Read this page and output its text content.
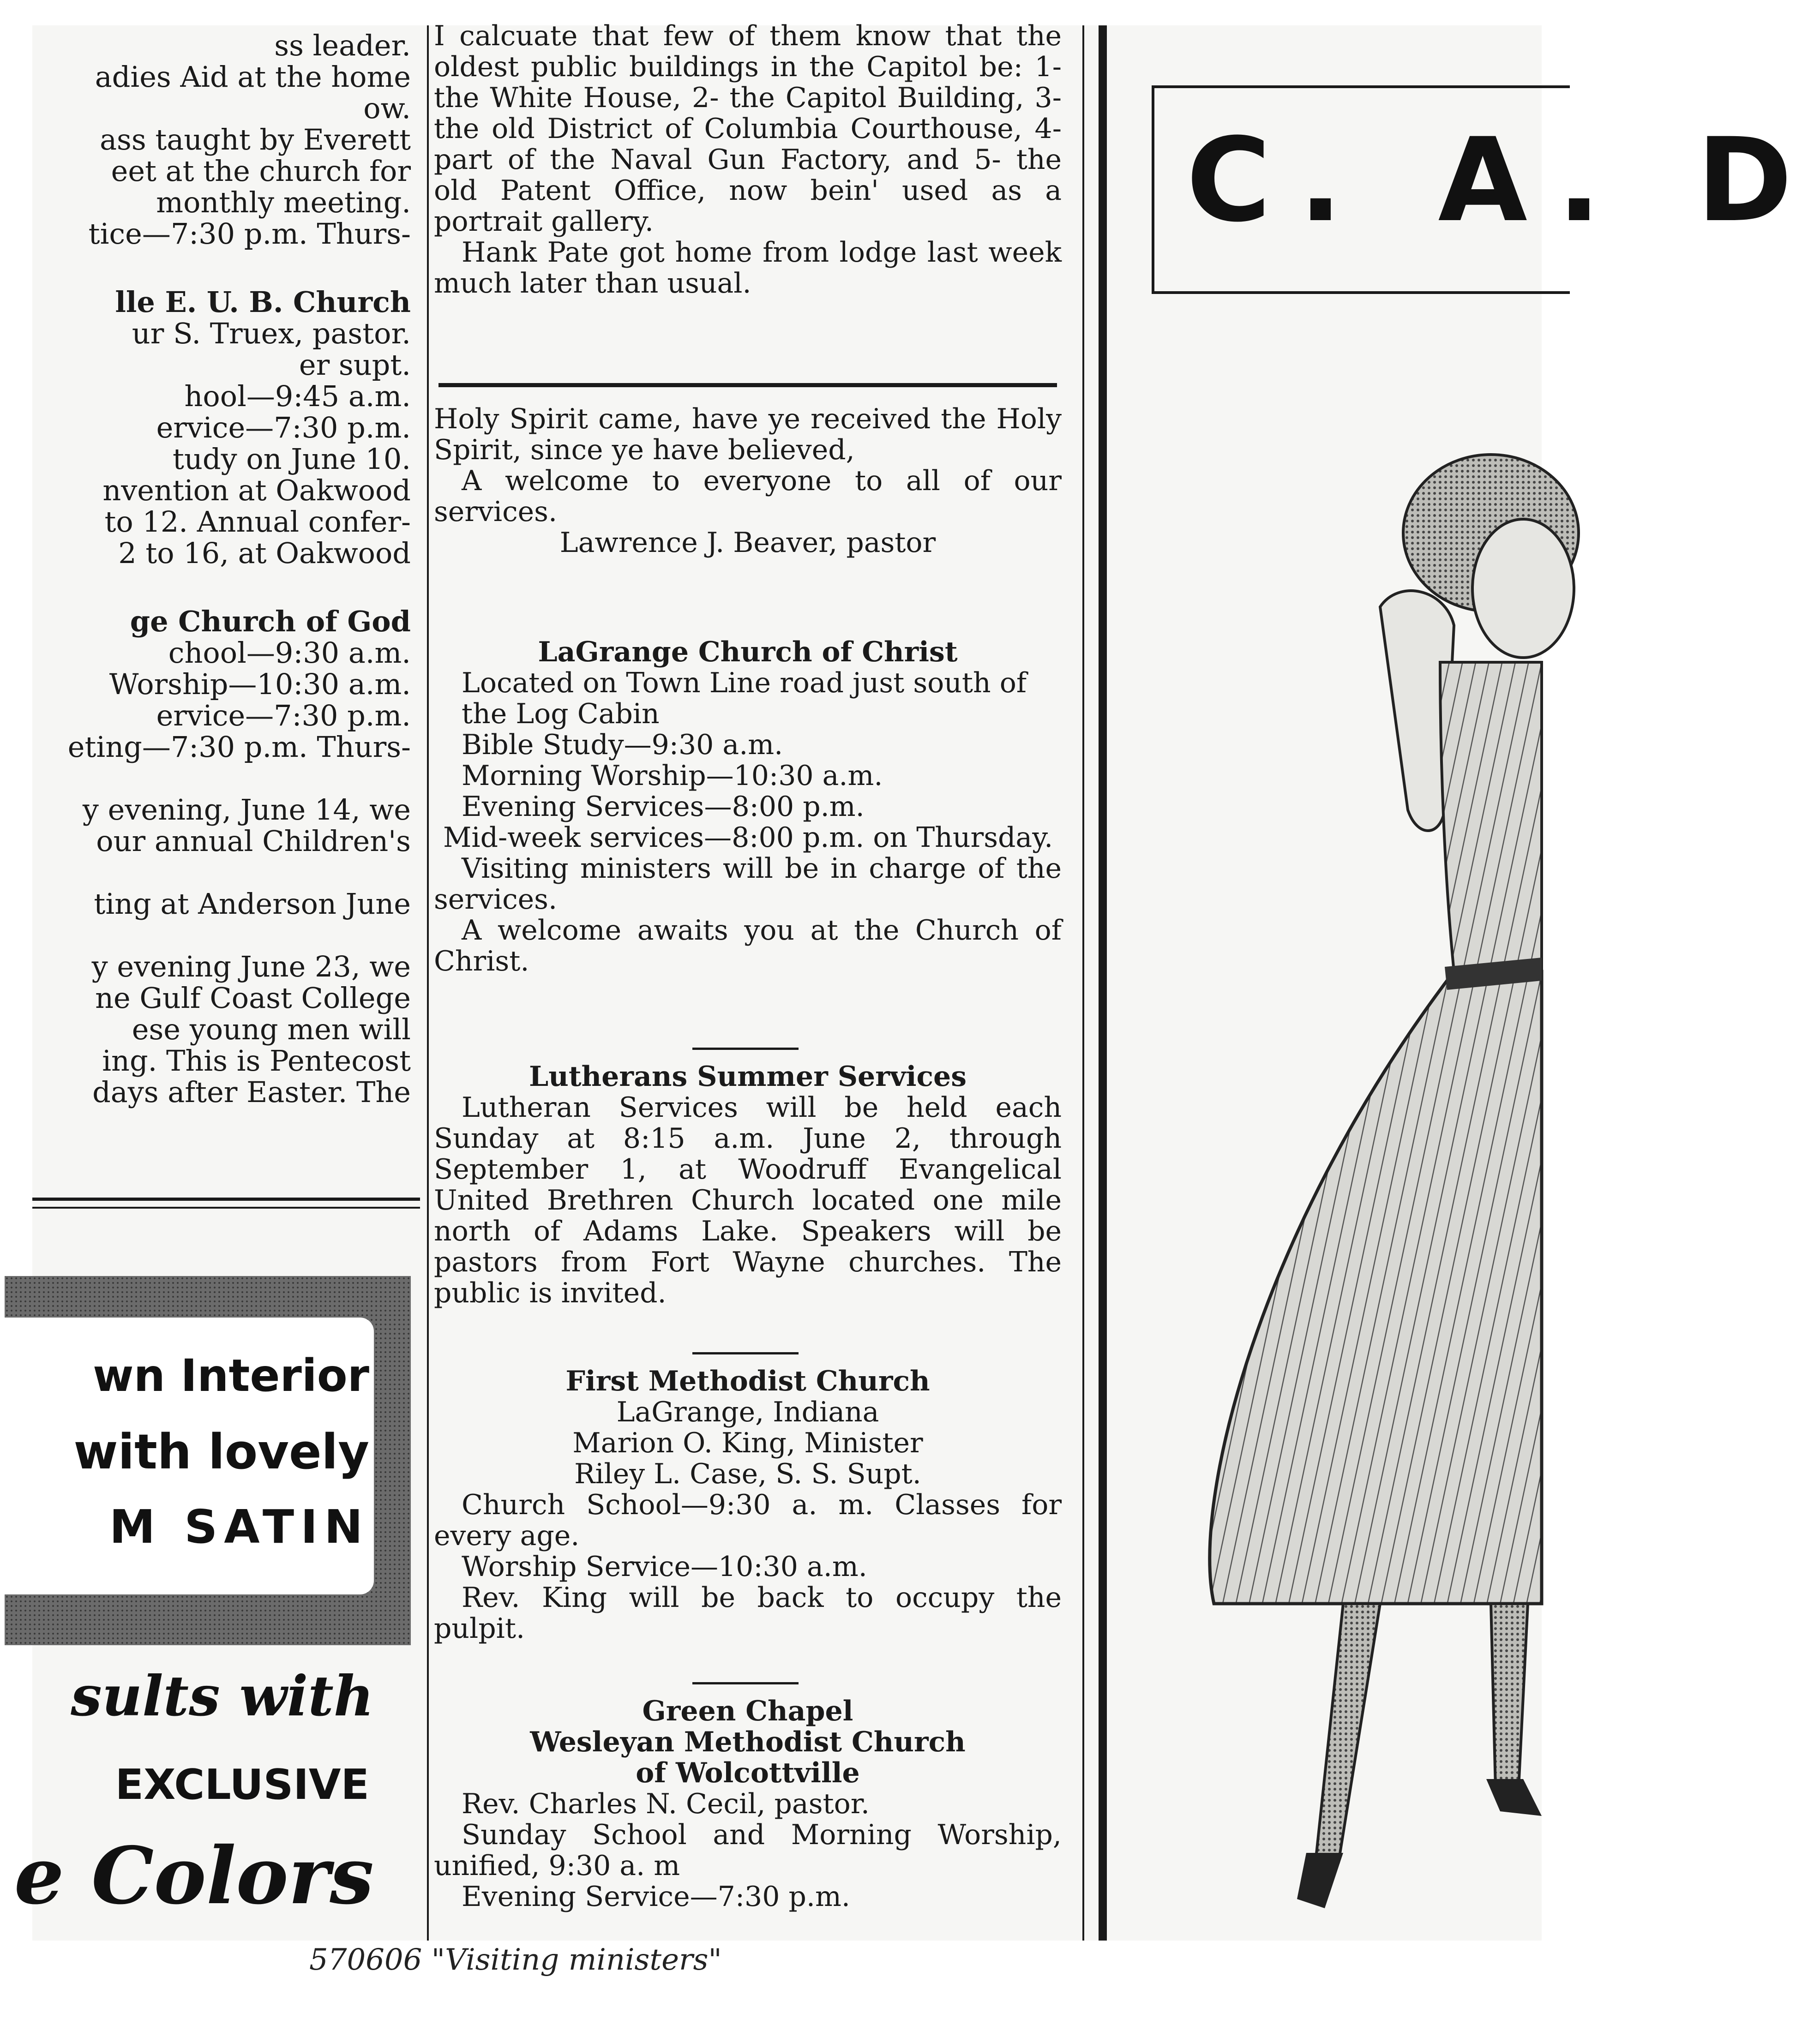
ss leader.

adies Aid at the home

ow.

ass taught by Everett

eet at the church for

monthly meeting.

tice—7:30 p.m. Thurs-

lle E. U. B. Church

ur S. Truex, pastor.

er supt.

hool—9:45 a.m.

ervice—7:30 p.m.

tudy on June 10.

nvention at Oakwood

to 12. Annual confer-

2 to 16, at Oakwood

ge Church of God

chool—9:30 a.m.

Worship—10:30 a.m.

ervice—7:30 p.m.

eting—7:30 p.m. Thurs-

y evening, June 14, we

our annual Children's

ting at Anderson June

y evening June 23, we

ne Gulf Coast College

ese young men will

ing. This is Pentecost

days after Easter. The

wn Interior
with lovely
M SATIN
sults with
EXCLUSIVE
e Colors

I calcuate that few of them know that the oldest public buildings in the Capitol be: 1- the White House, 2- the Capitol Building, 3- the old District of Columbia Courthouse, 4- part of the Naval Gun Factory, and 5- the old Patent Office, now bein' used as a portrait gallery.

Hank Pate got home from lodge last week much later than usual.

Holy Spirit came, have ye received the Holy Spirit, since ye have believed,

A welcome to everyone to all of our services.

Lawrence J. Beaver, pastor

LaGrange Church of Christ

Located on Town Line road just south of the Log Cabin

Bible Study—9:30 a.m.

Morning Worship—10:30 a.m.

Evening Services—8:00 p.m.

Mid-week services—8:00 p.m. on Thursday.

Visiting ministers will be in charge of the services.

A welcome awaits you at the Church of Christ.

Lutherans Summer Services

Lutheran Services will be held each Sunday at 8:15 a.m. June 2, through September 1, at Woodruff Evangelical United Brethren Church located one mile north of Adams Lake. Speakers will be pastors from Fort Wayne churches. The public is invited.

First Methodist Church

LaGrange, Indiana

Marion O. King, Minister

Riley L. Case, S. S. Supt.

Church School—9:30 a. m. Classes for every age.

Worship Service—10:30 a.m.

Rev. King will be back to occupy the pulpit.

Green Chapel

Wesleyan Methodist Church

of Wolcottville

Rev. Charles N. Cecil, pastor.

Sunday School and Morning Worship, unified, 9:30 a. m

Evening Service—7:30 p.m.

C. A. D
570606 "Visiting ministers"
